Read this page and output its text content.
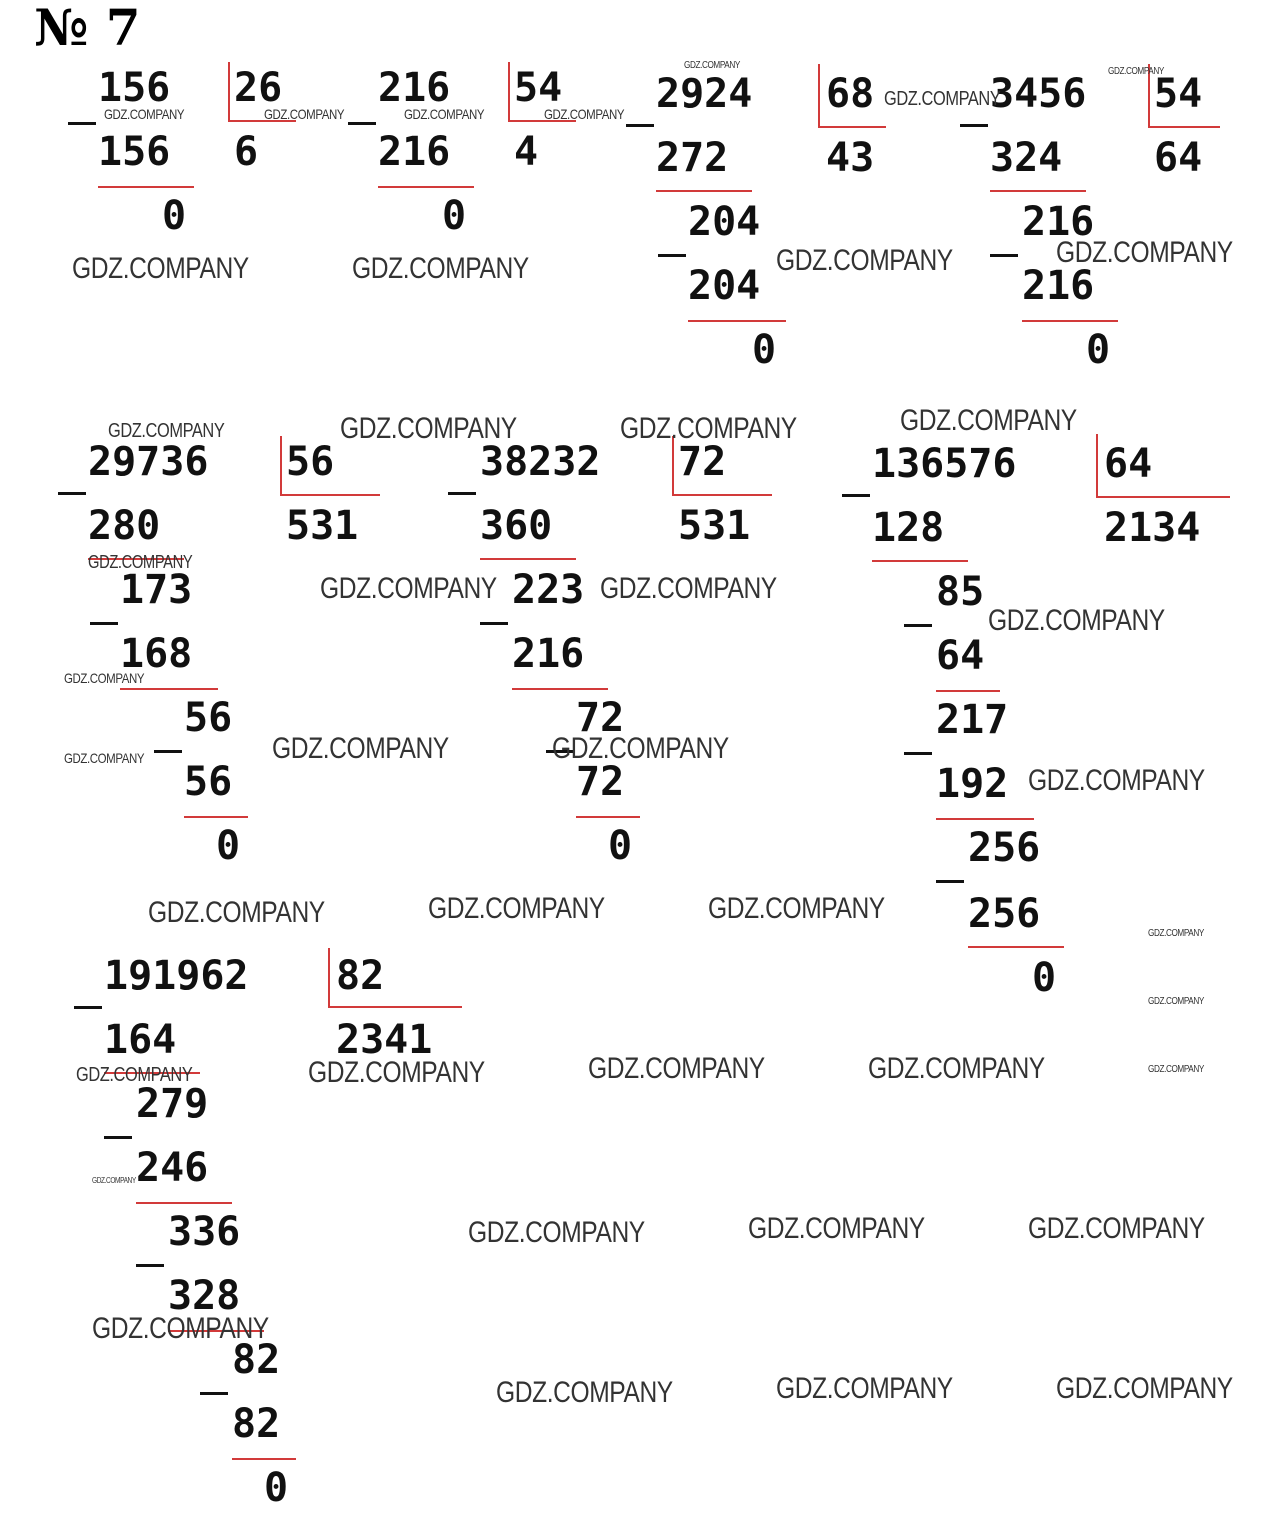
№ 7
156
156
0
26
6
216
216
0
54
4
2924
272
204
204
0
68
43
3456
324
216
216
0
54
64
29736
280
173
168
56
56
0
56
531
38232
360
223
216
72
72
0
72
531
136576
128
85
64
217
192
256
256
0
64
2134
191962
164
279
246
336
328
82
82
0
82
2341
GDZ.COMPANY	GDZ.COMPANY	GDZ.COMPANY	GDZ.COMPANY
GDZ.COMPANY
GDZ.COMPANY
GDZ.COMPANY
GDZ.COMPANY	GDZ.COMPANY	GDZ.COMPANY	GDZ.COMPANY
GDZ.COMPANY	GDZ.COMPANY	GDZ.COMPANY	GDZ.COMPANY
GDZ.COMPANY
GDZ.COMPANY	GDZ.COMPANY
GDZ.COMPANY
GDZ.COMPANY
GDZ.COMPANY	GDZ.COMPANY	GDZ.COMPANY
GDZ.COMPANY
GDZ.COMPANY	GDZ.COMPANY	GDZ.COMPANY
GDZ.COMPANY
GDZ.COMPANY
GDZ.COMPANY
GDZ.COMPANY	GDZ.COMPANY	GDZ.COMPANY	GDZ.COMPANY
GDZ.COMPANY
GDZ.COMPANY	GDZ.COMPANY	GDZ.COMPANY
GDZ.COMPANY
GDZ.COMPANY	GDZ.COMPANY	GDZ.COMPANY
